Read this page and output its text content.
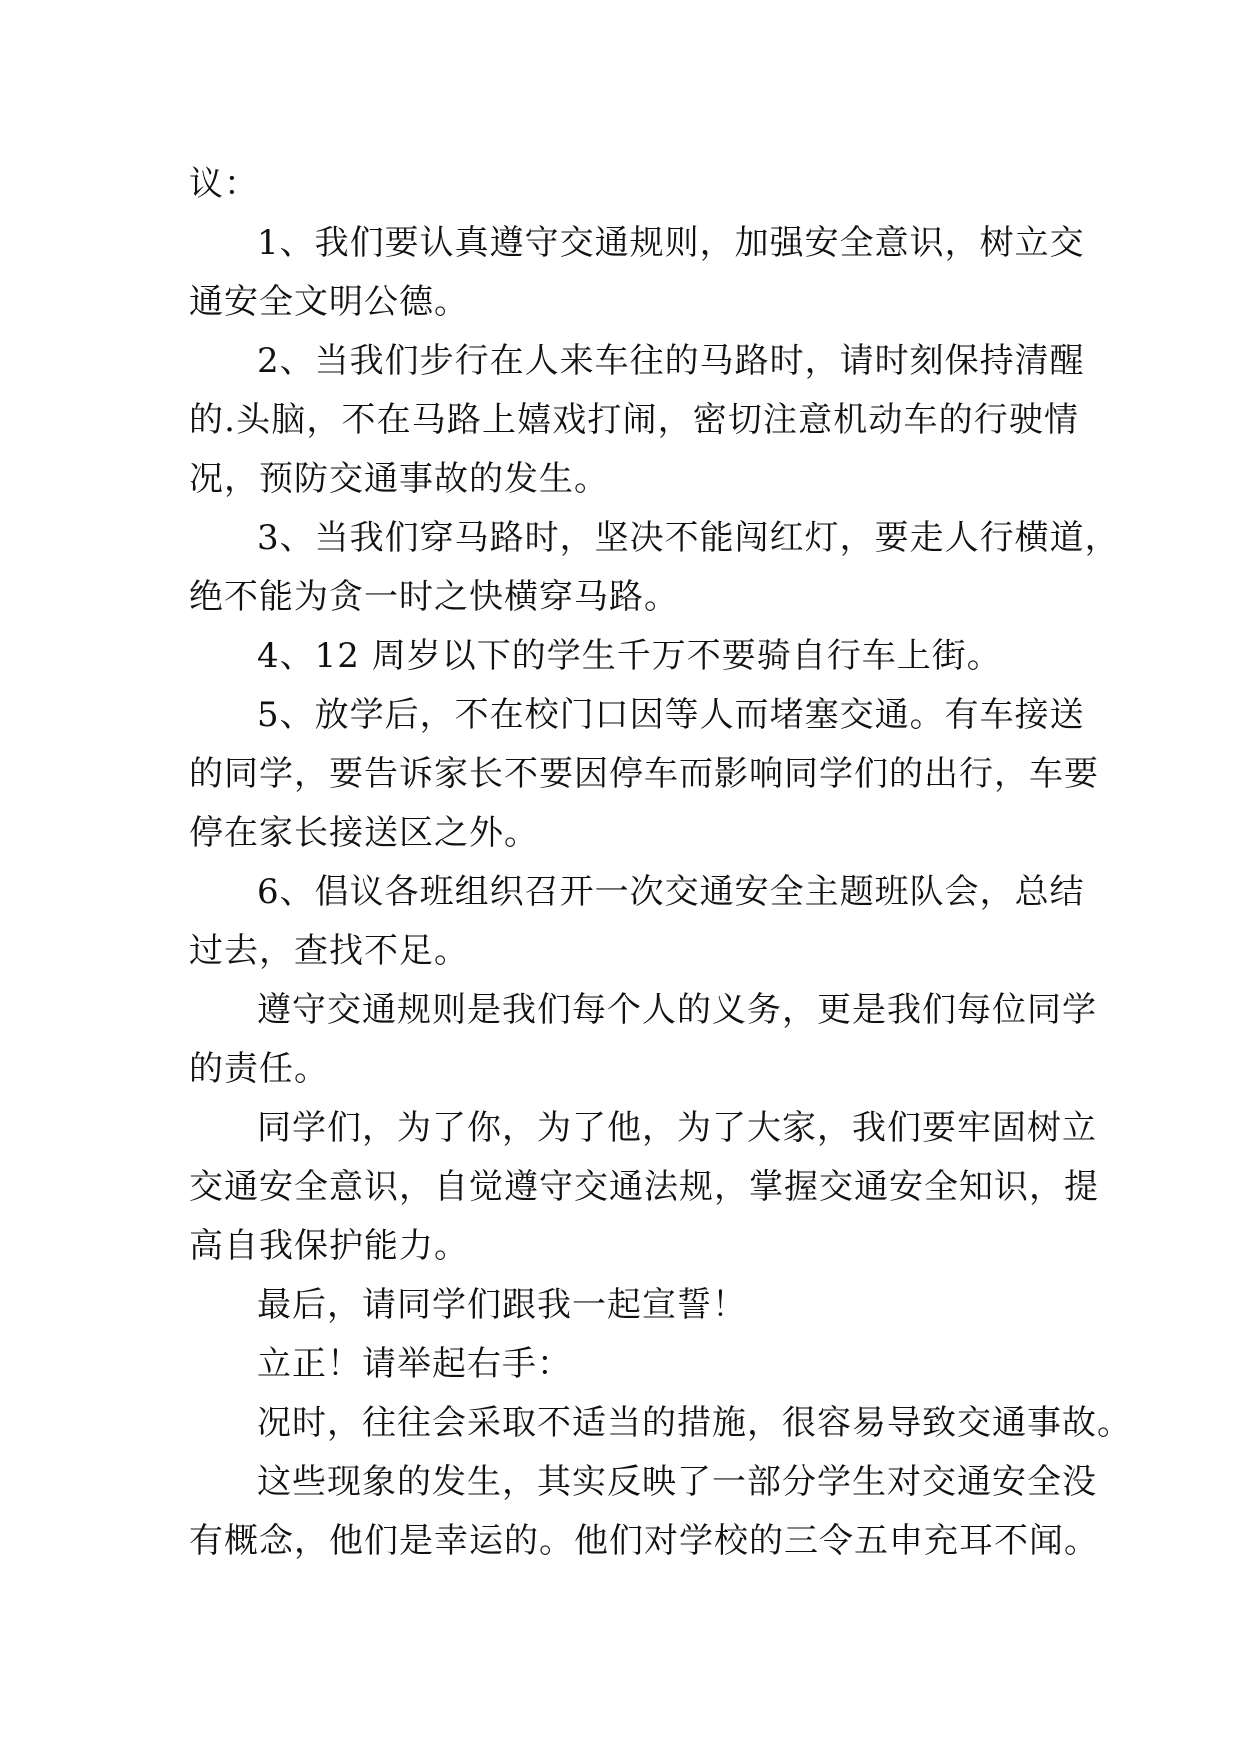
议：
1、我们要认真遵守交通规则，加强安全意识，树立交
通安全文明公德。
2、当我们步行在人来车往的马路时，请时刻保持清醒
的.头脑，不在马路上嬉戏打闹，密切注意机动车的行驶情
况，预防交通事故的发生。
3、当我们穿马路时，坚决不能闯红灯，要走人行横道，
绝不能为贪一时之快横穿马路。
4、12 周岁以下的学生千万不要骑自行车上街。
5、放学后，不在校门口因等人而堵塞交通。有车接送
的同学，要告诉家长不要因停车而影响同学们的出行，车要
停在家长接送区之外。
6、倡议各班组织召开一次交通安全主题班队会，总结
过去，查找不足。
遵守交通规则是我们每个人的义务，更是我们每位同学
的责任。
同学们，为了你，为了他，为了大家，我们要牢固树立
交通安全意识，自觉遵守交通法规，掌握交通安全知识，提
高自我保护能力。
最后，请同学们跟我一起宣誓！
立正！请举起右手：
况时，往往会采取不适当的措施，很容易导致交通事故。
这些现象的发生，其实反映了一部分学生对交通安全没
有概念，他们是幸运的。他们对学校的三令五申充耳不闻。
